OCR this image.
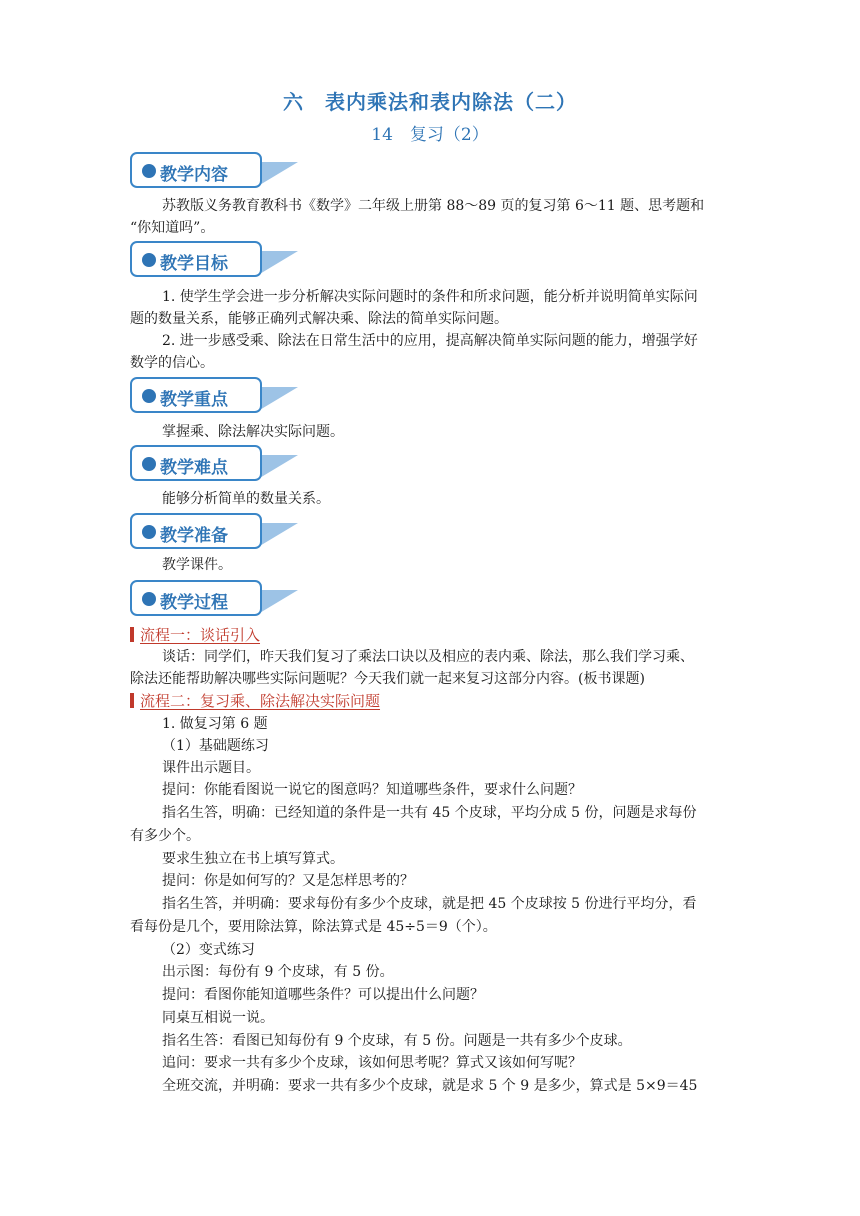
六　表内乘法和表内除法（二）
14　复习（2）
教学内容
苏教版义务教育教科书《数学》二年级上册第 88～89 页的复习第 6～11 题、思考题和
“你知道吗”。
教学目标
1. 使学生学会进一步分析解决实际问题时的条件和所求问题，能分析并说明简单实际问
题的数量关系，能够正确列式解决乘、除法的简单实际问题。
2. 进一步感受乘、除法在日常生活中的应用，提高解决简单实际问题的能力，增强学好
数学的信心。
教学重点
掌握乘、除法解决实际问题。
教学难点
能够分析简单的数量关系。
教学准备
教学课件。
教学过程
流程一：谈话引入
谈话：同学们，昨天我们复习了乘法口诀以及相应的表内乘、除法，那么我们学习乘、
除法还能帮助解决哪些实际问题呢？今天我们就一起来复习这部分内容。(板书课题)
流程二：复习乘、除法解决实际问题
1. 做复习第 6 题
（1）基础题练习
课件出示题目。
提问：你能看图说一说它的图意吗？知道哪些条件，要求什么问题？
指名生答，明确：已经知道的条件是一共有 45 个皮球，平均分成 5 份，问题是求每份
有多少个。
要求生独立在书上填写算式。
提问：你是如何写的？又是怎样思考的？
指名生答，并明确：要求每份有多少个皮球，就是把 45 个皮球按 5 份进行平均分，看
看每份是几个，要用除法算，除法算式是 45÷5＝9（个）。
（2）变式练习
出示图：每份有 9 个皮球，有 5 份。
提问：看图你能知道哪些条件？可以提出什么问题？
同桌互相说一说。
指名生答：看图已知每份有 9 个皮球，有 5 份。问题是一共有多少个皮球。
追问：要求一共有多少个皮球，该如何思考呢？算式又该如何写呢？
全班交流，并明确：要求一共有多少个皮球，就是求 5 个 9 是多少，算式是 5×9＝45
